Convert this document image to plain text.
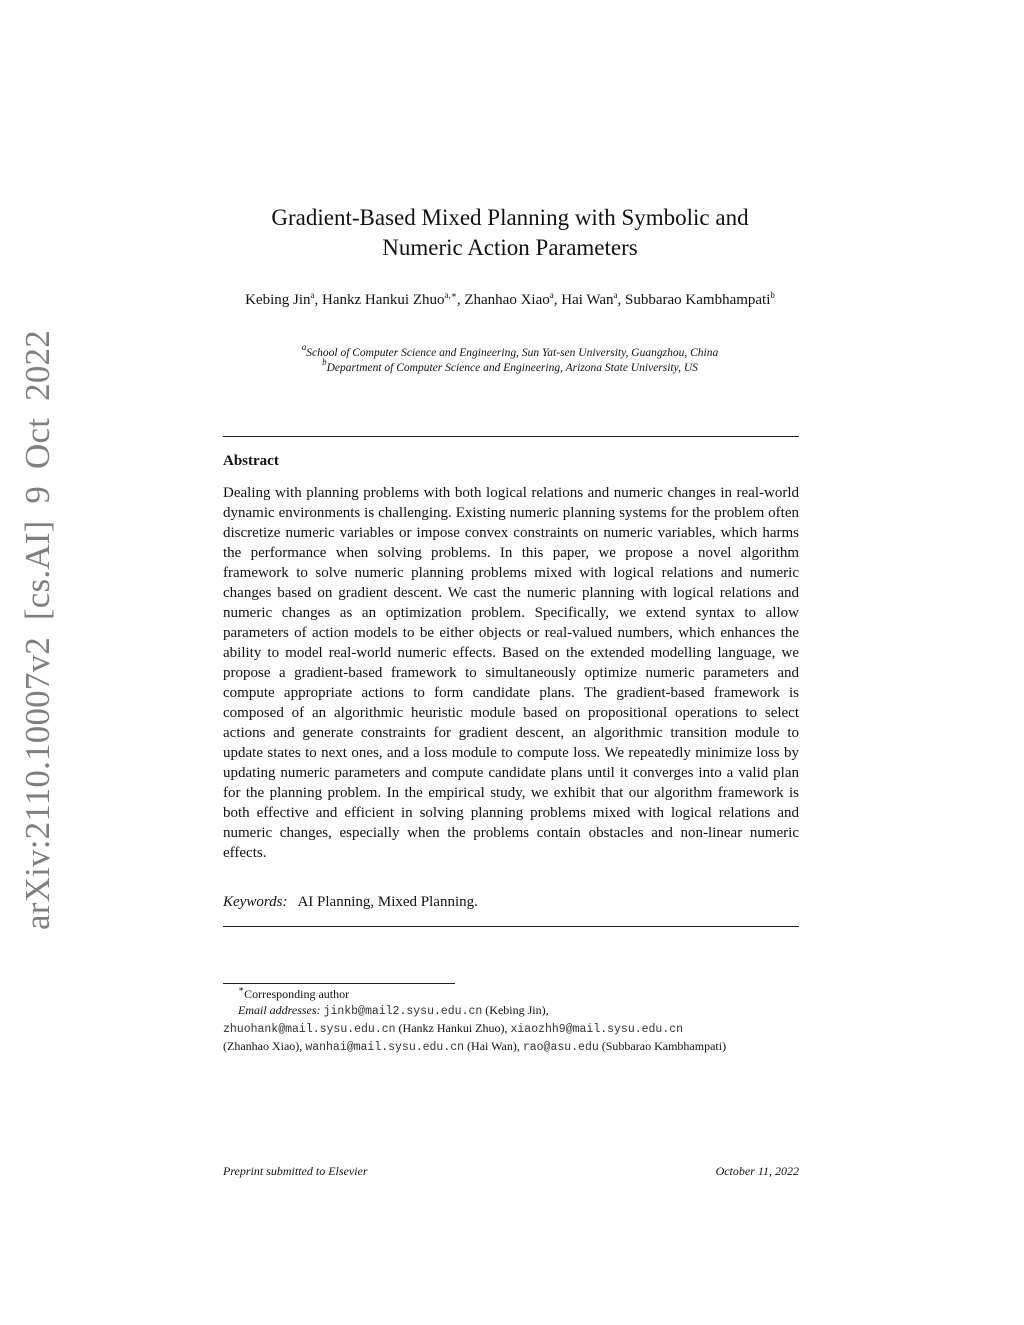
arXiv:2110.10007v2 [cs.AI] 9 Oct 2022
Gradient-Based Mixed Planning with Symbolic and
Numeric Action Parameters
Kebing Jin$^a$, Hankz Hankui Zhuo$^{a,∗}$, Zhanhao Xiao$^a$, Hai Wan$^a$, Subbarao Kambhampati$^b$
$^a$School of Computer Science and Engineering, Sun Yat-sen University, Guangzhou, China
$^b$Department of Computer Science and Engineering, Arizona State University, US
Abstract
Dealing with planning problems with both logical relations and numeric changes in real-world dynamic environments is challenging. Existing numeric planning systems for the problem often discretize numeric variables or impose convex constraints on numeric variables, which harms the performance when solving problems. In this paper, we propose a novel algorithm framework to solve numeric planning problems mixed with logical relations and numeric changes based on gradient descent. We cast the numeric planning with logical relations and numeric changes as an optimization problem. Specifically, we extend syntax to allow parameters of action models to be either objects or real-valued numbers, which enhances the ability to model real-world numeric effects. Based on the extended modelling language, we propose a gradient-based framework to simultaneously optimize numeric parameters and compute appropriate actions to form candidate plans. The gradient-based framework is composed of an algorithmic heuristic module based on propositional operations to select actions and generate constraints for gradient descent, an algorithmic transition module to update states to next ones, and a loss module to compute loss. We repeatedly minimize loss by updating numeric parameters and compute candidate plans until it converges into a valid plan for the planning problem. In the empirical study, we exhibit that our algorithm framework is both effective and efficient in solving planning problems mixed with logical relations and numeric changes, especially when the problems contain obstacles and non-linear numeric effects.
Keywords: AI Planning, Mixed Planning.
∗Corresponding author
Email addresses: jinkb@mail2.sysu.edu.cn (Kebing Jin),
zhuohank@mail.sysu.edu.cn (Hankz Hankui Zhuo), xiaozhh9@mail.sysu.edu.cn
(Zhanhao Xiao), wanhai@mail.sysu.edu.cn (Hai Wan), rao@asu.edu (Subbarao Kambhampati)
Preprint submitted to Elsevier	October 11, 2022
